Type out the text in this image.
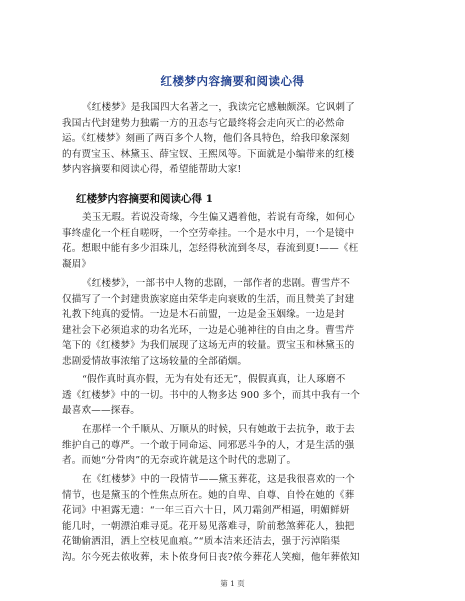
红楼梦内容摘要和阅读心得

《红楼梦》是我国四大名著之一，我读完它感触颇深。它讽刺了
我国古代封建势力独霸一方的丑态与它最终将会走向灭亡的必然命
运。《红楼梦》刻画了两百多个人物，他们各具特色，给我印象深刻
的有贾宝玉、林黛玉、薛宝钗、王熙凤等。下面就是小编带来的红楼
梦内容摘要和阅读心得，希望能帮助大家!

红楼梦内容摘要和阅读心得 1

美玉无瑕。若说没奇缘，今生偏又遇着他，若说有奇缘，如何心
事终虚化一个枉自嗟呀，一个空劳牵挂。一个是水中月，一个是镜中
花。想眼中能有多少泪珠儿，怎经得秋流到冬尽，春流到夏!——《枉
凝眉》

《红楼梦》，一部书中人物的悲剧，一部作者的悲剧。曹雪芹不
仅描写了一个封建贵族家庭由荣华走向衰败的生活，而且赞美了封建
礼教下纯真的爱情。一边是木石前盟，一边是金玉姻缘。一边是封
建社会下必须追求的功名光环，一边是心驰神往的自由之身。曹雪芹
笔下的《红楼梦》为我们展现了这场无声的较量。贾宝玉和林黛玉的
悲剧爱情故事浓缩了这场较量的全部硝烟。

“假作真时真亦假，无为有处有还无”，假假真真，让人琢磨不
透《红楼梦》中的一切。书中的人物多达 900 多个，而其中我有一个
最喜欢——探春。

在那样一个千顺从、万顺从的时候，只有她敢于去抗争，敢于去
维护自己的尊严。一个敢于同命运、同邪恶斗争的人，才是生活的强
者。而她“分骨肉”的无奈或许就是这个时代的悲剧了。

在《红楼梦》中的一段情节——黛玉葬花，这是我很喜欢的一个
情节，也是黛玉的个性焦点所在。她的自卑、自尊、自怜在她的《葬
花词》中袒露无遗：“一年三百六十日，风刀霜剑严相逼，明媚鲜妍
能几时，一朝漂泊难寻觅。花开易见落难寻，阶前愁煞葬花人，独把
花锄偷洒泪，洒上空枝见血痕。”“质本洁来还洁去，强于污淖陷渠
沟。尔今死去侬收葬，未卜侬身何日丧?侬今葬花人笑痴，他年葬侬知

第 1 页
